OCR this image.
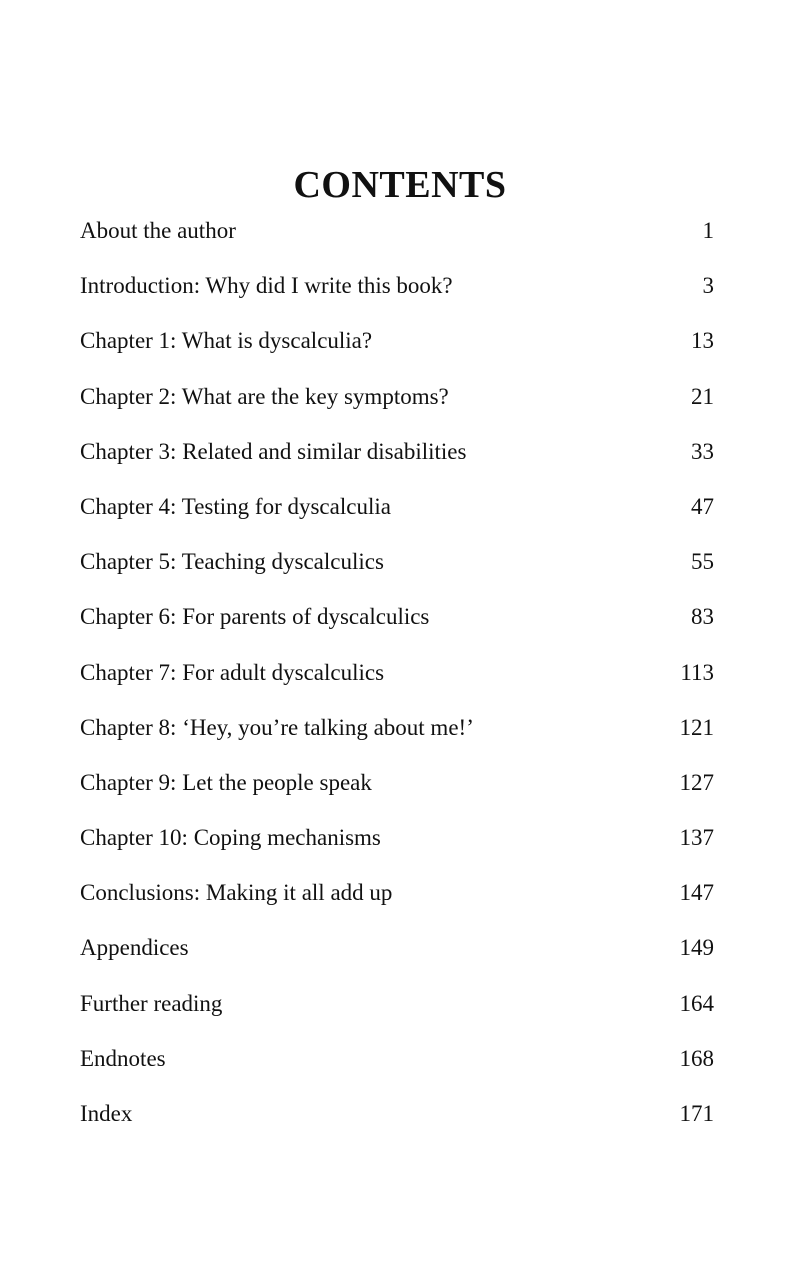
CONTENTS
About the author	1
Introduction: Why did I write this book?	3
Chapter 1: What is dyscalculia?	13
Chapter 2: What are the key symptoms?	21
Chapter 3: Related and similar disabilities	33
Chapter 4: Testing for dyscalculia	47
Chapter 5: Teaching dyscalculics	55
Chapter 6: For parents of dyscalculics	83
Chapter 7: For adult dyscalculics	113
Chapter 8: ‘Hey, you’re talking about me!’	121
Chapter 9: Let the people speak	127
Chapter 10: Coping mechanisms	137
Conclusions: Making it all add up	147
Appendices	149
Further reading	164
Endnotes	168
Index	171
